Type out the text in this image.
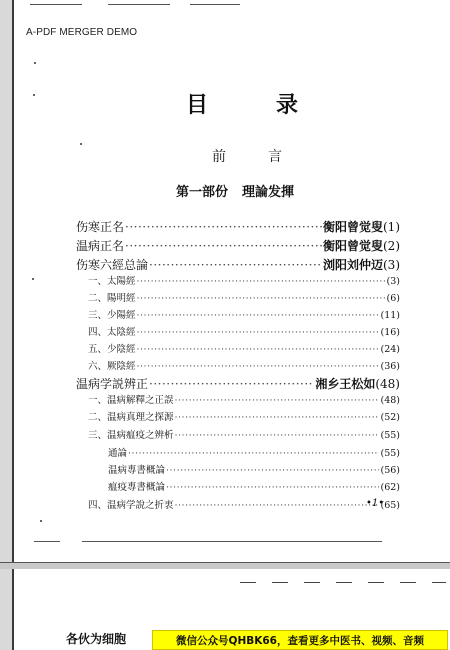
A-PDF MERGER DEMO
目	录
前	言
第一部份 理論发揮
伤寒正名 ·····	衡阳曾觉叟 (1)
温病正名 ·····	衡阳曾觉叟 (2)
伤寒六經总論 ·····	浏阳刘仲迈 (3)
一、太陽經 ·····	(3)
二、陽明經 ·····	(6)
三、少陽經 ·····	(11)
四、太陰經 ·····	(16)
五、少陰經 ·····	(24)
六、厥陰經 ·····	(36)
温病学説辨正 ·····	湘乡王松如 (48)
一、温病解釋之正誤 ·····	(48)
二、温病真理之探源 ·····	(52)
三、温病瘟疫之辨析 ·····	(55)
通論 ·····	(55)
温病專書概論 ·····	(56)
瘟疫專書概論 ·····	(62)
四、温病学說之折衷 ·····	(65)
•1•
各伙为细胞	微信公众号QHBK66，查看更多中医书、视频、音频
